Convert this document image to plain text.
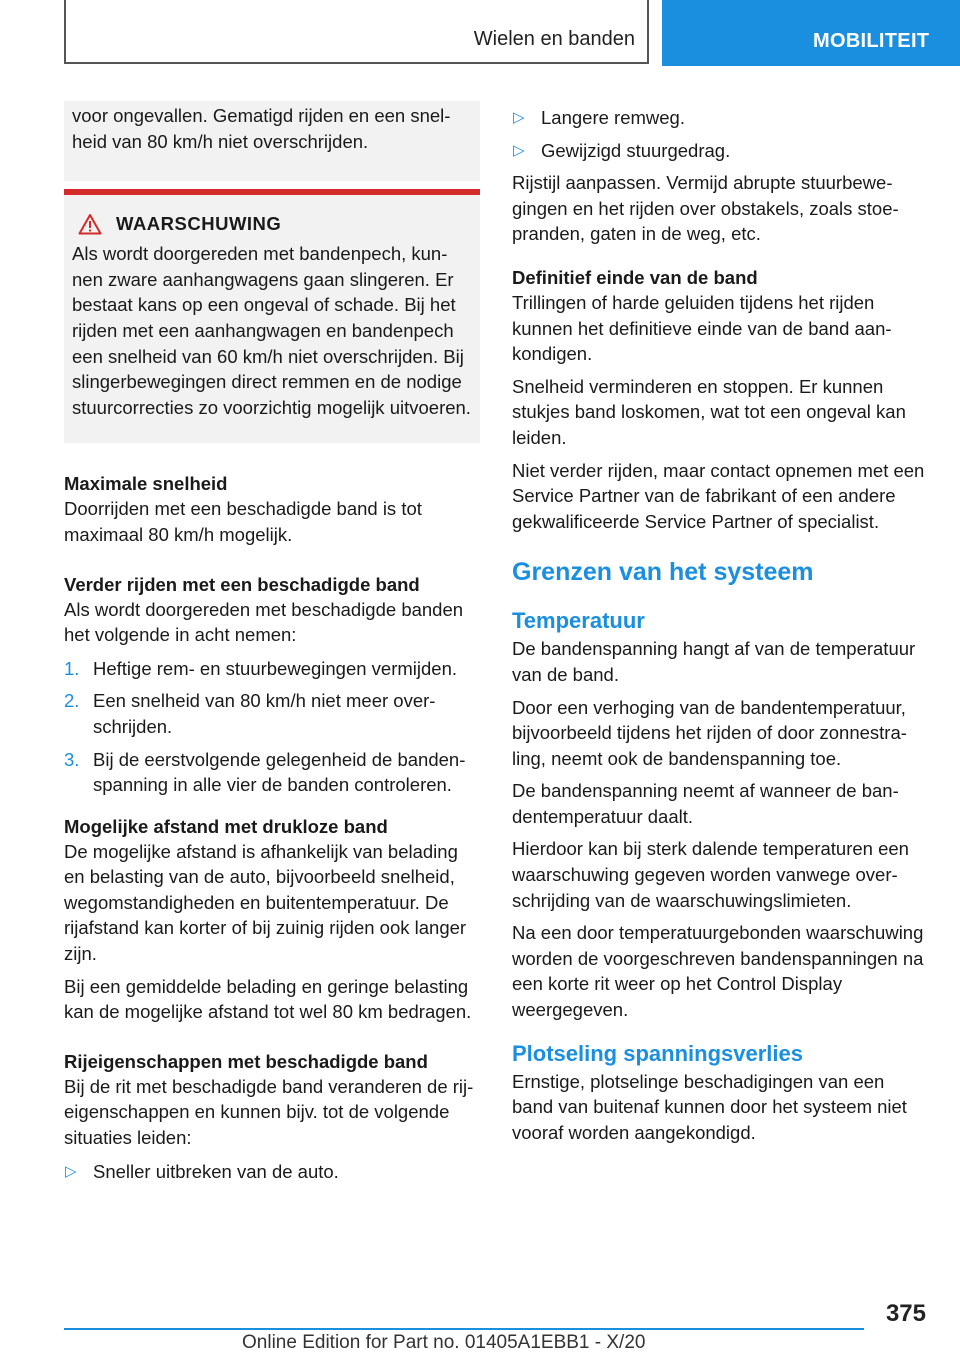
Wielen en banden	MOBILITEIT

voor ongevallen. Gematigd rijden en een snelheid van 80 km/h niet overschrijden.

WAARSCHUWING

Als wordt doorgereden met bandenpech, kunnen zware aanhangwagens gaan slingeren. Er bestaat kans op een ongeval of schade. Bij het rijden met een aanhangwagen en bandenpech een snelheid van 60 km/h niet overschrijden. Bij slingerbewegingen direct remmen en de nodige stuurcorrecties zo voorzichtig mogelijk uitvoeren.

Maximale snelheid

Doorrijden met een beschadigde band is tot maximaal 80 km/h mogelijk.

Verder rijden met een beschadigde band

Als wordt doorgereden met beschadigde banden het volgende in acht nemen:

1. Heftige rem- en stuurbewegingen vermijden.
2. Een snelheid van 80 km/h niet meer overschrijden.
3. Bij de eerstvolgende gelegenheid de bandenspanning in alle vier de banden controleren.
Mogelijke afstand met drukloze band

De mogelijke afstand is afhankelijk van belading en belasting van de auto, bijvoorbeeld snelheid, wegomstandigheden en buitentemperatuur. De rijafstand kan korter of bij zuinig rijden ook langer zijn.

Bij een gemiddelde belading en geringe belasting kan de mogelijke afstand tot wel 80 km bedragen.

Rijeigenschappen met beschadigde band

Bij de rit met beschadigde band veranderen de rij-eigenschappen en kunnen bijv. tot de volgende situaties leiden:

▷ Sneller uitbreken van de auto.
▷ Langere remweg.
▷ Gewijzigd stuurgedrag.

Rijstijl aanpassen. Vermijd abrupte stuurbewegingen en het rijden over obstakels, zoals stoepranden, gaten in de weg, etc.

Definitief einde van de band

Trillingen of harde geluiden tijdens het rijden kunnen het definitieve einde van de band aankondigen.

Snelheid verminderen en stoppen. Er kunnen stukjes band loskomen, wat tot een ongeval kan leiden.

Niet verder rijden, maar contact opnemen met een Service Partner van de fabrikant of een andere gekwalificeerde Service Partner of specialist.

Grenzen van het systeem
Temperatuur

De bandenspanning hangt af van de temperatuur van de band.

Door een verhoging van de bandentemperatuur, bijvoorbeeld tijdens het rijden of door zonnestraling, neemt ook de bandenspanning toe.

De bandenspanning neemt af wanneer de bandentemperatuur daalt.

Hierdoor kan bij sterk dalende temperaturen een waarschuwing gegeven worden vanwege overschrijding van de waarschuwingslimieten.

Na een door temperatuurgebonden waarschuwing worden de voorgeschreven bandenspanningen na een korte rit weer op het Control Display weergegeven.

Plotseling spanningsverlies

Ernstige, plotselinge beschadigingen van een band van buitenaf kunnen door het systeem niet vooraf worden aangekondigd.

375
Online Edition for Part no. 01405A1EBB1 - X/20
